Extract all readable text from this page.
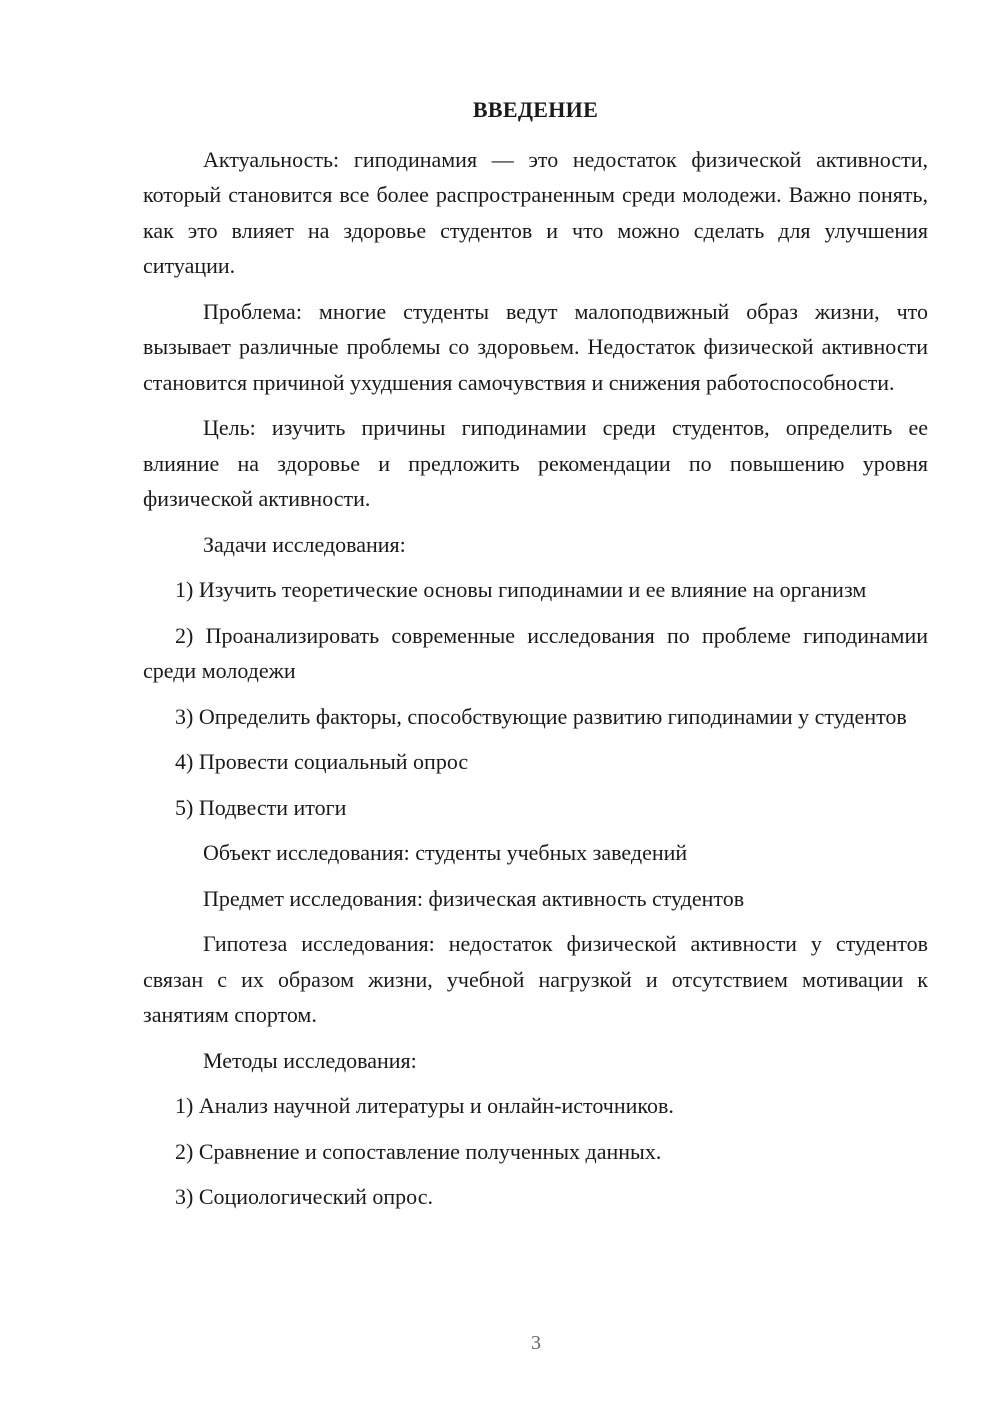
ВВЕДЕНИЕ

Актуальность: гиподинамия — это недостаток физической активности, который становится все более распространенным среди молодежи. Важно понять, как это влияет на здоровье студентов и что можно сделать для улучшения ситуации.

Проблема: многие студенты ведут малоподвижный образ жизни, что вызывает различные проблемы со здоровьем. Недостаток физической активности становится причиной ухудшения самочувствия и снижения работоспособности.

Цель: изучить причины гиподинамии среди студентов, определить ее влияние на здоровье и предложить рекомендации по повышению уровня физической активности.

Задачи исследования:

1) Изучить теоретические основы гиподинамии и ее влияние на организм

2) Проанализировать современные исследования по проблеме гиподинамии среди молодежи

3) Определить факторы, способствующие развитию гиподинамии у студентов

4) Провести социальный опрос

5) Подвести итоги

Объект исследования: студенты учебных заведений

Предмет исследования: физическая активность студентов

Гипотеза исследования: недостаток физической активности у студентов связан с их образом жизни, учебной нагрузкой и отсутствием мотивации к занятиям спортом.

Методы исследования:

1) Анализ научной литературы и онлайн-источников.

2) Сравнение и сопоставление полученных данных.

3) Социологический опрос.

3
